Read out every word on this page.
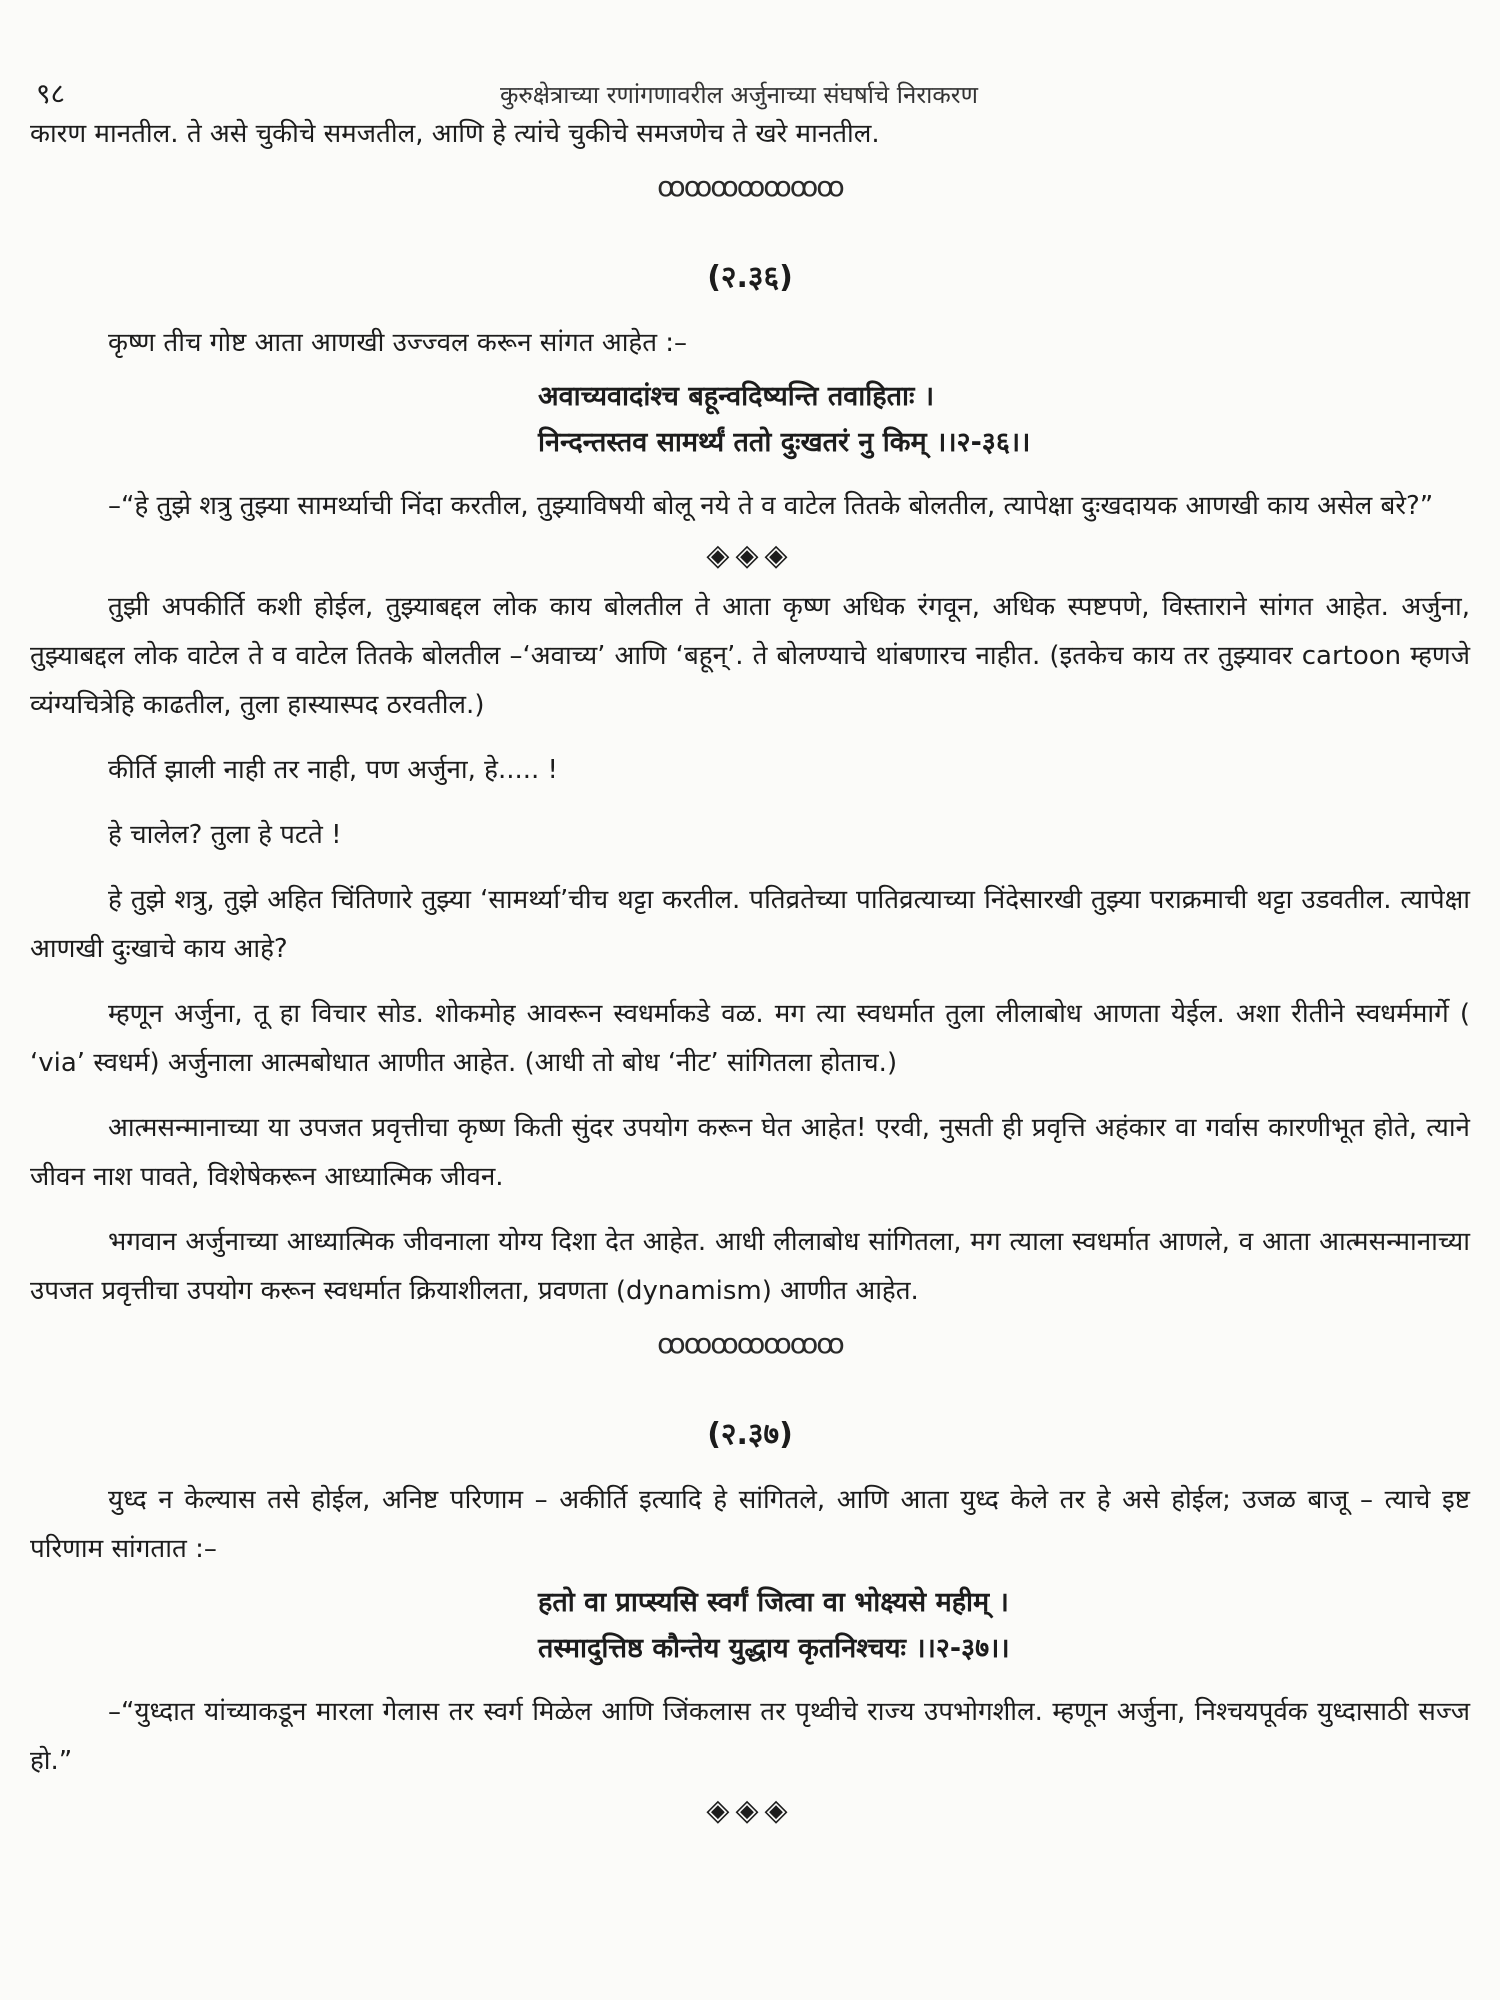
९८	कुरुक्षेत्राच्या रणांगणावरील अर्जुनाच्या संघर्षाचे निराकरण

कारण मानतील. ते असे चुकीचे समजतील, आणि हे त्यांचे चुकीचे समजणेच ते खरे मानतील.

ꝏꝏꝏꝏꝏꝏꝏ
(२.३६)

कृष्ण तीच गोष्ट आता आणखी उज्ज्वल करून सांगत आहेत :–

अवाच्यवादांश्च बहून्वदिष्यन्ति तवाहिताः ।
निन्दन्तस्तव सामर्थ्यं ततो दुःखतरं नु किम् ।।२-३६।।

–“हे तुझे शत्रु तुझ्या सामर्थ्याची निंदा करतील, तुझ्याविषयी बोलू नये ते व वाटेल तितके बोलतील, त्यापेक्षा दुःखदायक आणखी काय असेल बरे?”

◈◈◈

तुझी अपकीर्ति कशी होईल, तुझ्याबद्दल लोक काय बोलतील ते आता कृष्ण अधिक रंगवून, अधिक स्पष्टपणे, विस्ताराने सांगत आहेत. अर्जुना, तुझ्याबद्दल लोक वाटेल ते व वाटेल तितके बोलतील –‘अवाच्य’ आणि ‘बहून्’. ते बोलण्याचे थांबणारच नाहीत. (इतकेच काय तर तुझ्यावर cartoon म्हणजे व्यंग्यचित्रेहि काढतील, तुला हास्यास्पद ठरवतील.)

कीर्ति झाली नाही तर नाही, पण अर्जुना, हे..... !

हे चालेल? तुला हे पटते !

हे तुझे शत्रु, तुझे अहित चिंतिणारे तुझ्या ‘सामर्थ्या’चीच थट्टा करतील. पतिव्रतेच्या पातिव्रत्याच्या निंदेसारखी तुझ्या पराक्रमाची थट्टा उडवतील. त्यापेक्षा आणखी दुःखाचे काय आहे?

म्हणून अर्जुना, तू हा विचार सोड. शोकमोह आवरून स्वधर्माकडे वळ. मग त्या स्वधर्मात तुला लीलाबोध आणता येईल. अशा रीतीने स्वधर्ममार्गे ( ‘via’ स्वधर्म) अर्जुनाला आत्मबोधात आणीत आहेत. (आधी तो बोध ‘नीट’ सांगितला होताच.)

आत्मसन्मानाच्या या उपजत प्रवृत्तीचा कृष्ण किती सुंदर उपयोग करून घेत आहेत! एरवी, नुसती ही प्रवृत्ति अहंकार वा गर्वास कारणीभूत होते, त्याने जीवन नाश पावते, विशेषेकरून आध्यात्मिक जीवन.

भगवान अर्जुनाच्या आध्यात्मिक जीवनाला योग्य दिशा देत आहेत. आधी लीलाबोध सांगितला, मग त्याला स्वधर्मात आणले, व आता आत्मसन्मानाच्या उपजत प्रवृत्तीचा उपयोग करून स्वधर्मात क्रियाशीलता, प्रवणता (dynamism) आणीत आहेत.

ꝏꝏꝏꝏꝏꝏꝏ
(२.३७)

युध्द न केल्यास तसे होईल, अनिष्ट परिणाम – अकीर्ति इत्यादि हे सांगितले, आणि आता युध्द केले तर हे असे होईल; उजळ बाजू – त्याचे इष्ट परिणाम सांगतात :–

हतो वा प्राप्स्यसि स्वर्गं जित्वा वा भोक्ष्यसे महीम् ।
तस्मादुत्तिष्ठ कौन्तेय युद्धाय कृतनिश्चयः ।।२-३७।।

–“युध्दात यांच्याकडून मारला गेलास तर स्वर्ग मिळेल आणि जिंकलास तर पृथ्वीचे राज्य उपभोगशील. म्हणून अर्जुना, निश्चयपूर्वक युध्दासाठी सज्ज हो.”

◈◈◈
